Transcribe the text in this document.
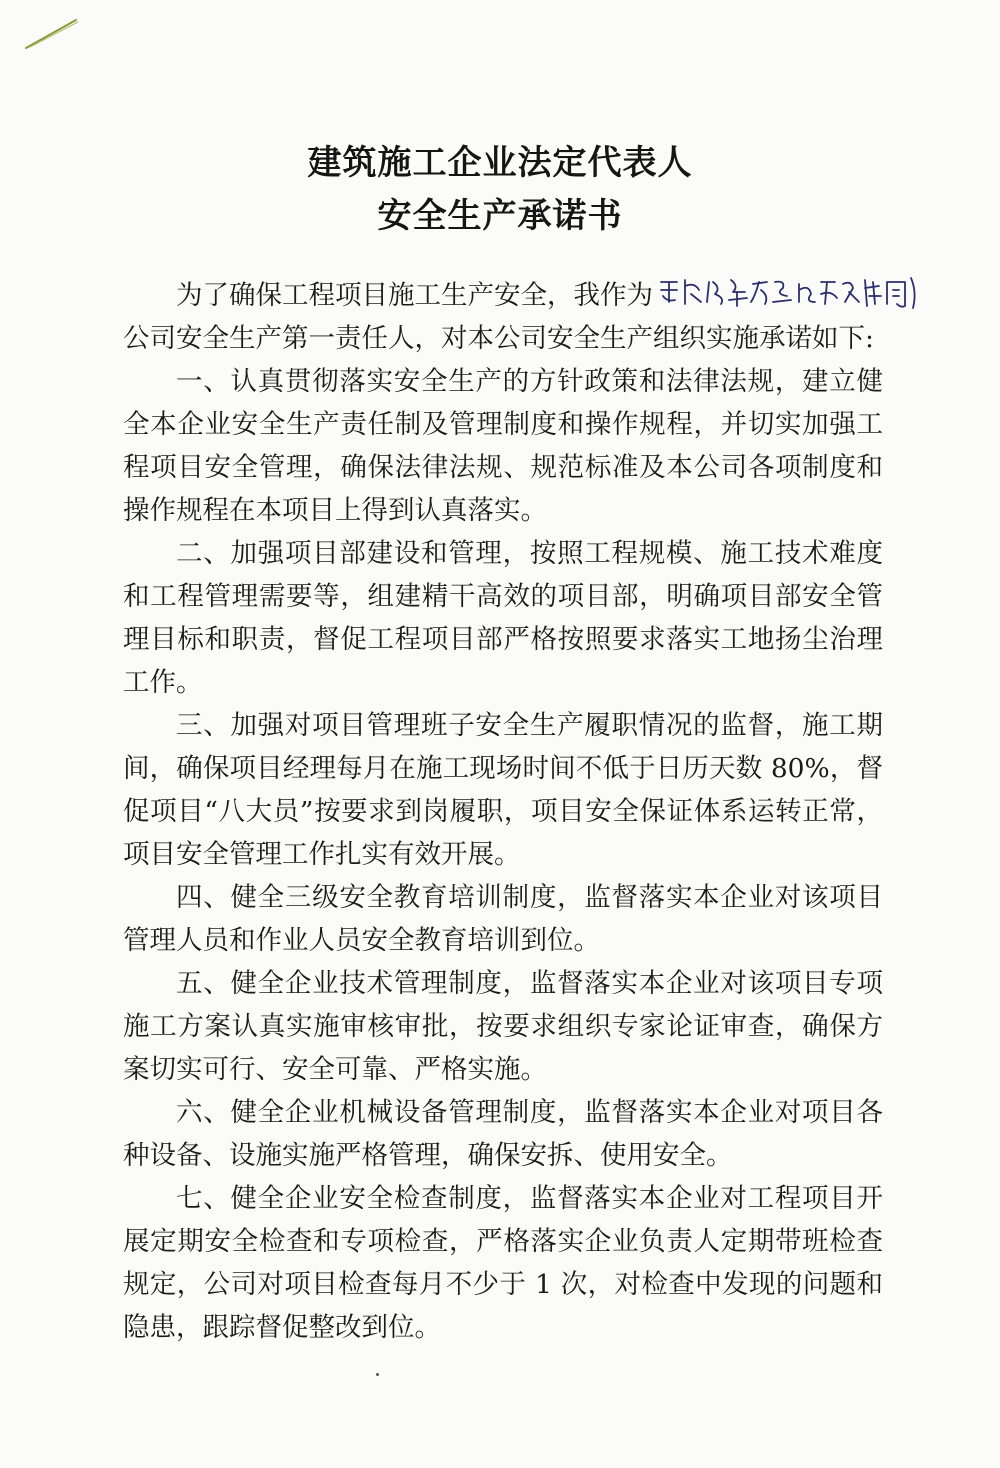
建筑施工企业法定代表人
安全生产承诺书
为了确保工程项目施工生产安全，我作为

公司安全生产第一责任人，对本公司安全生产组织实施承诺如下:

一、认真贯彻落实安全生产的方针政策和法律法规，建立健全本企业安全生产责任制及管理制度和操作规程，并切实加强工程项目安全管理，确保法律法规、规范标准及本公司各项制度和操作规程在本项目上得到认真落实。

二、加强项目部建设和管理，按照工程规模、施工技术难度和工程管理需要等，组建精干高效的项目部，明确项目部安全管理目标和职责，督促工程项目部严格按照要求落实工地扬尘治理工作。

三、加强对项目管理班子安全生产履职情况的监督，施工期间，确保项目经理每月在施工现场时间不低于日历天数 80%，督促项目“八大员”按要求到岗履职，项目安全保证体系运转正常，项目安全管理工作扎实有效开展。

四、健全三级安全教育培训制度，监督落实本企业对该项目管理人员和作业人员安全教育培训到位。

五、健全企业技术管理制度，监督落实本企业对该项目专项施工方案认真实施审核审批，按要求组织专家论证审查，确保方案切实可行、安全可靠、严格实施。

六、健全企业机械设备管理制度，监督落实本企业对项目各种设备、设施实施严格管理，确保安拆、使用安全。

七、健全企业安全检查制度，监督落实本企业对工程项目开展定期安全检查和专项检查，严格落实企业负责人定期带班检查规定，公司对项目检查每月不少于 1 次，对检查中发现的问题和隐患，跟踪督促整改到位。
